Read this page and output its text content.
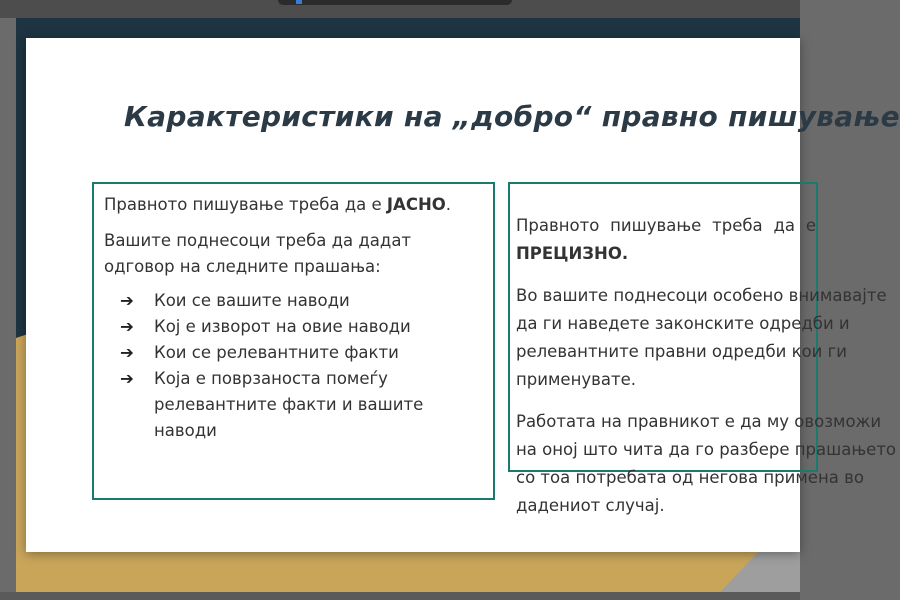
Карактеристики на „добро“ правно пишување

Правното пишување треба да е ЈАСНО.

Вашите поднесоци треба да дадат
одговор на следните прашања:

➔ Кои се вашите наводи
➔ Кој е изворот на овие наводи
➔ Кои се релевантните факти
➔ Која е поврзаноста помеѓу релевантните факти и вашите наводи

Правното пишување треба да е
ПРЕЦИЗНО.

Во вашите поднесоци особено внимавајте
да ги наведете законските одредби и
релевантните правни одредби кои ги
применувате.

Работата на правникот е да му овозможи
на оној што чита да го разбере прашањето
со тоа потребата од негова примена во
дадениот случај.
